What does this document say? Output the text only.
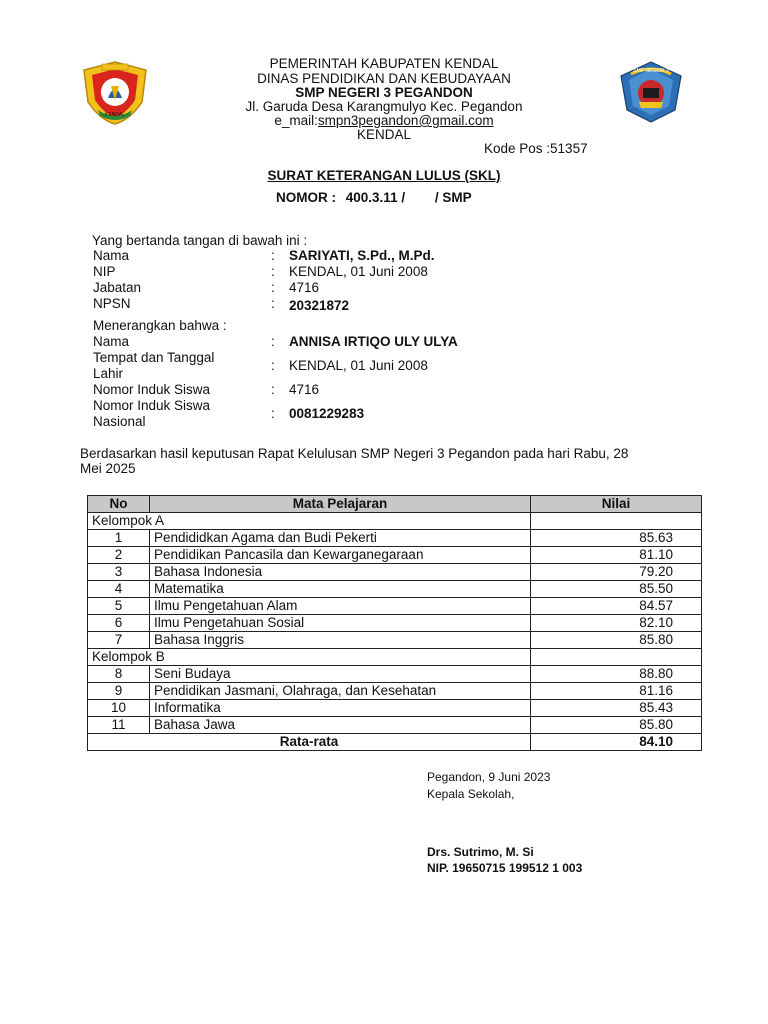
KENDAL
SMP NEGERI 3
PEMERINTAH KABUPATEN KENDAL
DINAS PENDIDIKAN DAN KEBUDAYAAN
SMP NEGERI 3 PEGANDON
Jl. Garuda Desa Karangmulyo Kec. Pegandon
e_mail:smpn3pegandon@gmail.com
KENDAL
Kode Pos :51357
SURAT KETERANGAN LULUS (SKL)
NOMOR : 400.3.11 / / SMP
Yang bertanda tangan di bawah ini :
Nama	: SARIYATI, S.Pd., M.Pd.
NIP	: KENDAL, 01 Juni 2008
Jabatan	: 4716
NPSN	: 20321872
Menerangkan bahwa :
Nama	: ANNISA IRTIQO ULY ULYA
Tempat dan Tanggal
Lahir
: KENDAL, 01 Juni 2008
Nomor Induk Siswa	: 4716
Nomor Induk Siswa
Nasional
: 0081229283
Berdasarkan hasil keputusan Rapat Kelulusan SMP Negeri 3 Pegandon pada hari Rabu, 28
Mei 2025
No	Mata Pelajaran	Nilai
Kelompok A		
1	Pendididkan Agama dan Budi Pekerti	85.63
2	Pendidikan Pancasila dan Kewarganegaraan	81.10
3	Bahasa Indonesia	79.20
4	Matematika	85.50
5	Ilmu Pengetahuan Alam	84.57
6	Ilmu Pengetahuan Sosial	82.10
7	Bahasa Inggris	85.80
Kelompok B		
8	Seni Budaya	88.80
9	Pendidikan Jasmani, Olahraga, dan Kesehatan	81.16
10	Informatika	85.43
11	Bahasa Jawa	85.80
Rata-rata		84.10
Pegandon, 9 Juni 2023
Kepala Sekolah,
Drs. Sutrimo, M. Si
NIP. 19650715 199512 1 003
